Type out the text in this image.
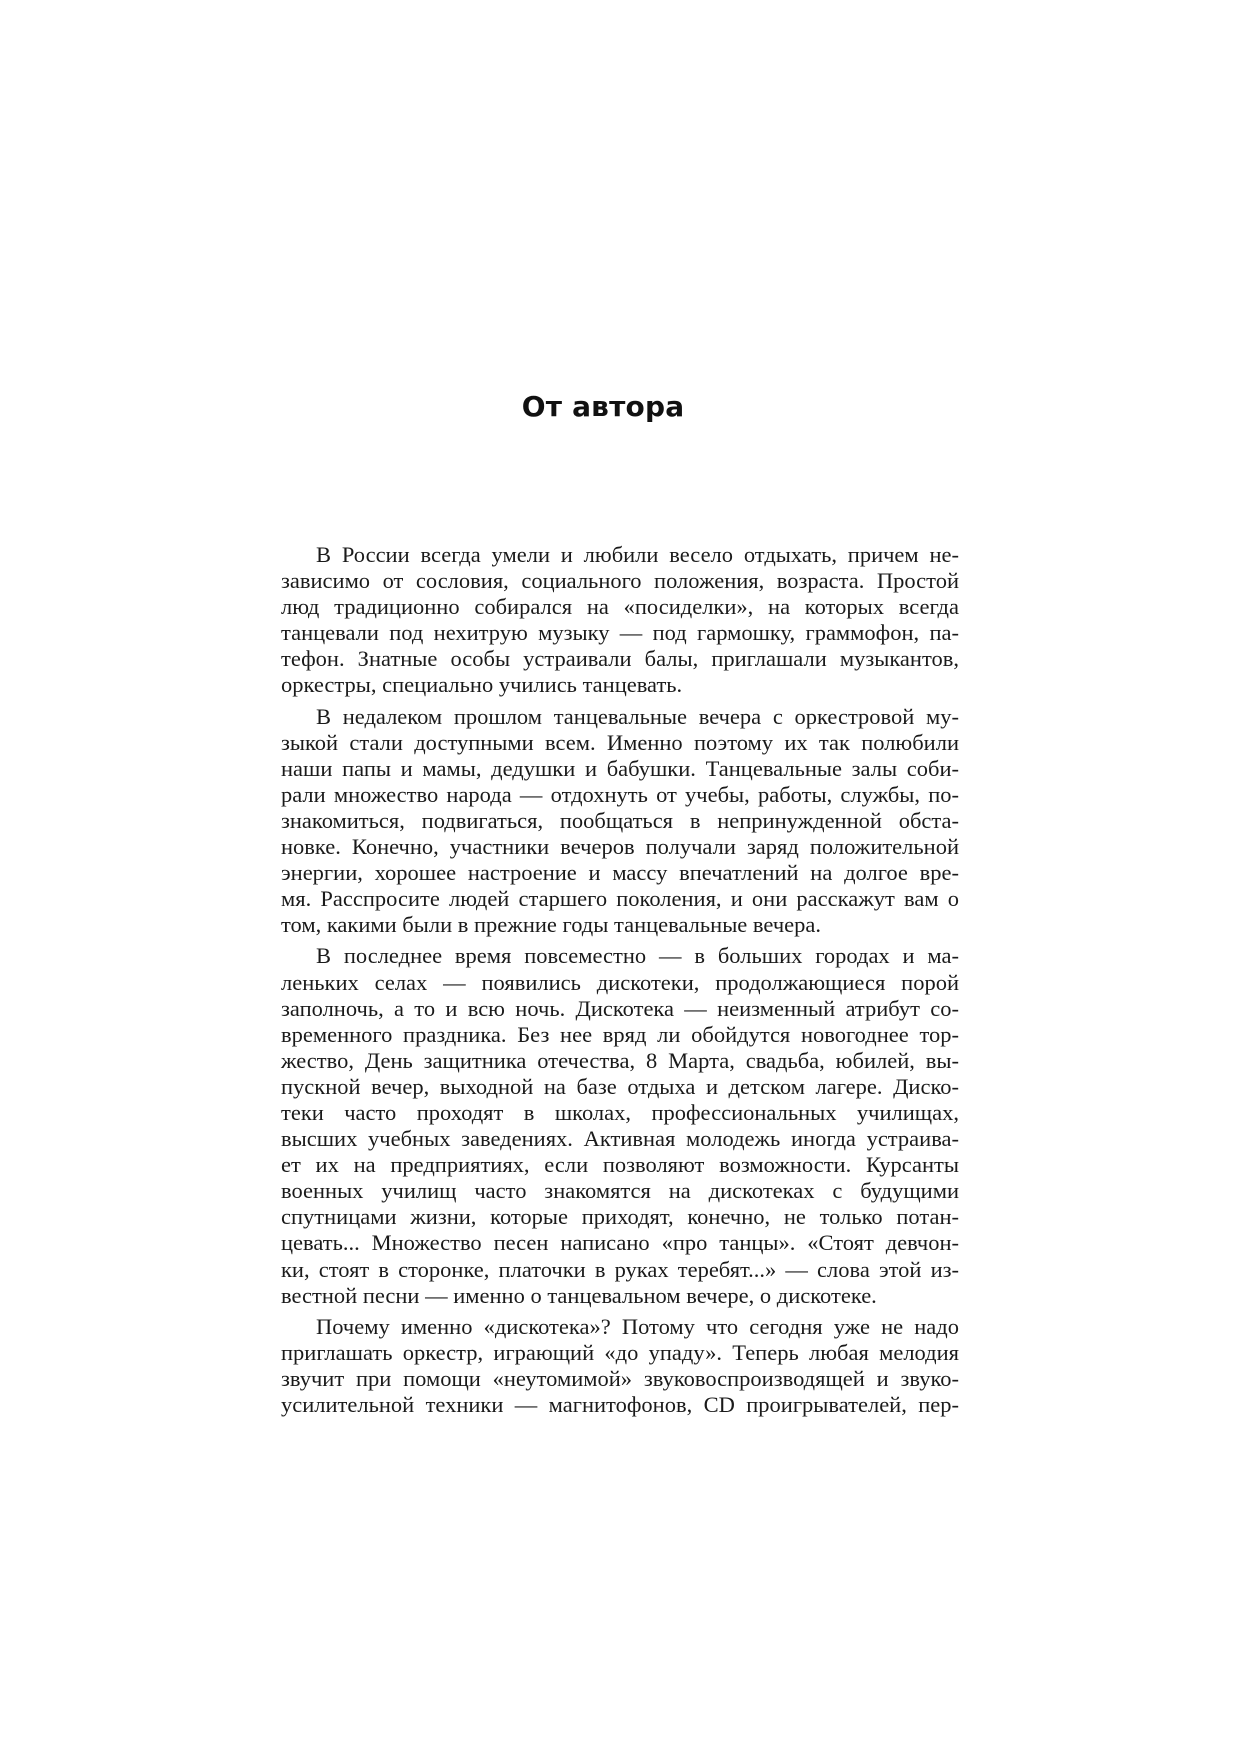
От автора
В России всегда умели и любили весело отдыхать, причем не-
зависимо от сословия, социального положения, возраста. Простой
люд традиционно собирался на «посиделки», на которых всегда
танцевали под нехитрую музыку — под гармошку, граммофон, па-
тефон. Знатные особы устраивали балы, приглашали музыкантов,
оркестры, специально учились танцевать.
В недалеком прошлом танцевальные вечера с оркестровой му-
зыкой стали доступными всем. Именно поэтому их так полюбили
наши папы и мамы, дедушки и бабушки. Танцевальные залы соби-
рали множество народа — отдохнуть от учебы, работы, службы, по-
знакомиться, подвигаться, пообщаться в непринужденной обста-
новке. Конечно, участники вечеров получали заряд положительной
энергии, хорошее настроение и массу впечатлений на долгое вре-
мя. Расспросите людей старшего поколения, и они расскажут вам о
том, какими были в прежние годы танцевальные вечера.
В последнее время повсеместно — в больших городах и ма-
леньких селах — появились дискотеки, продолжающиеся порой
заполночь, а то и всю ночь. Дискотека — неизменный атрибут со-
временного праздника. Без нее вряд ли обойдутся новогоднее тор-
жество, День защитника отечества, 8 Марта, свадьба, юбилей, вы-
пускной вечер, выходной на базе отдыха и детском лагере. Диско-
теки часто проходят в школах, профессиональных училищах,
высших учебных заведениях. Активная молодежь иногда устраива-
ет их на предприятиях, если позволяют возможности. Курсанты
военных училищ часто знакомятся на дискотеках с будущими
спутницами жизни, которые приходят, конечно, не только потан-
цевать... Множество песен написано «про танцы». «Стоят девчон-
ки, стоят в сторонке, платочки в руках теребят...» — слова этой из-
вестной песни — именно о танцевальном вечере, о дискотеке.
Почему именно «дискотека»? Потому что сегодня уже не надо
приглашать оркестр, играющий «до упаду». Теперь любая мелодия
звучит при помощи «неутомимой» звуковоспроизводящей и звуко-
усилительной техники — магнитофонов, CD проигрывателей, пер-
